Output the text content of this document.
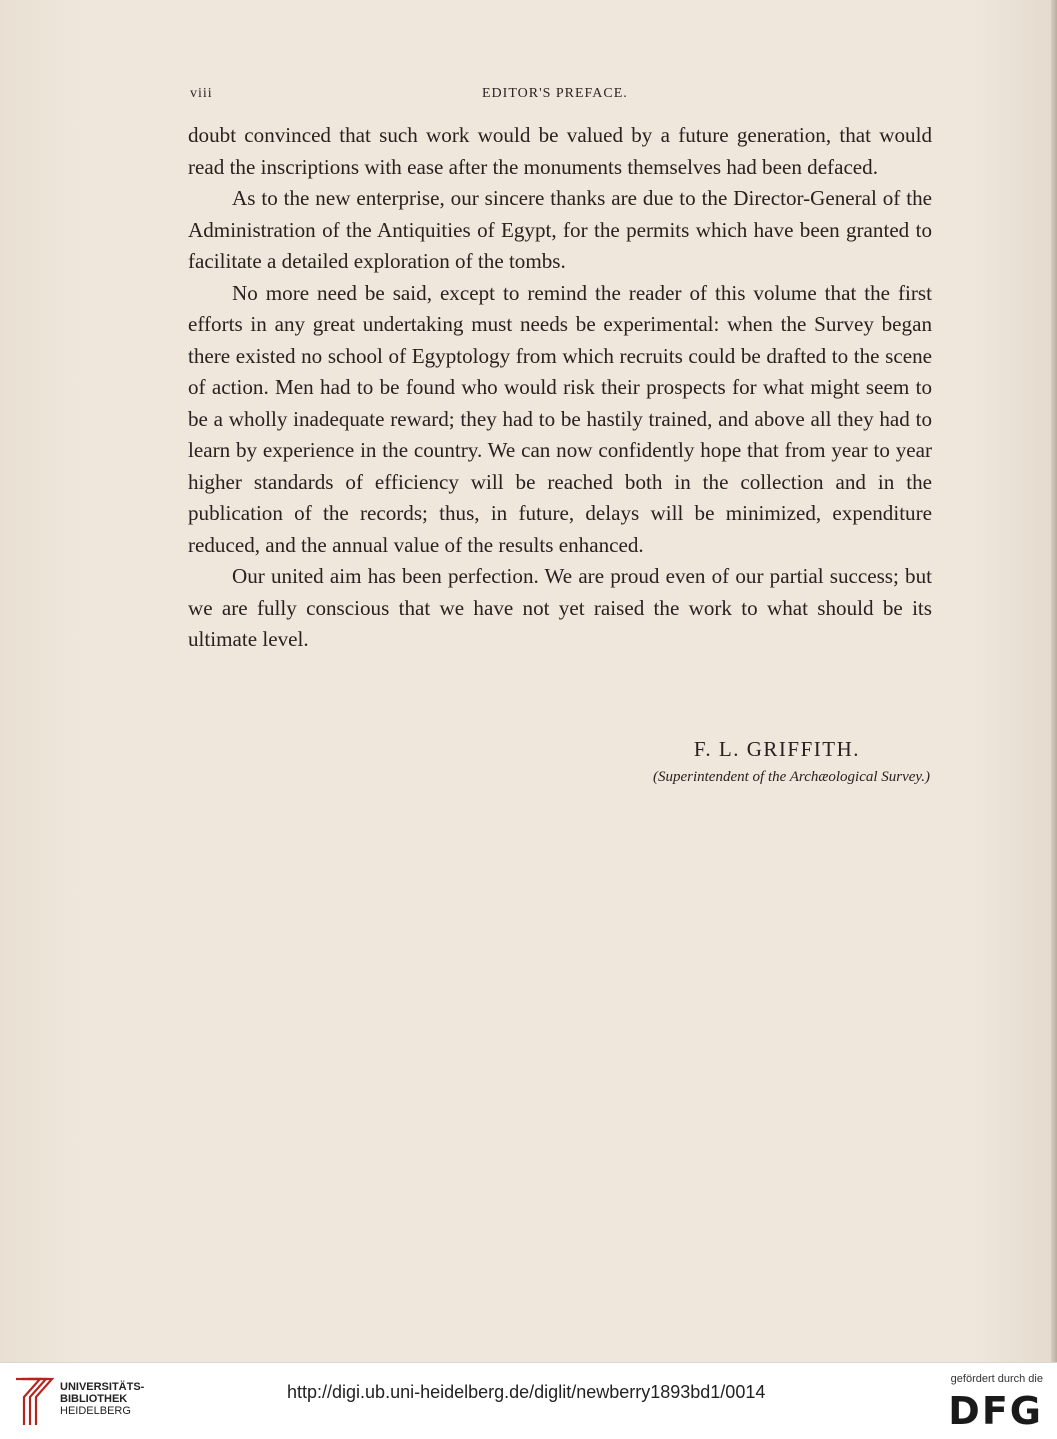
viii	EDITOR'S PREFACE.

doubt convinced that such work would be valued by a future generation, that would read the inscriptions with ease after the monuments themselves had been defaced.

As to the new enterprise, our sincere thanks are due to the Director-General of the Administration of the Antiquities of Egypt, for the permits which have been granted to facilitate a detailed exploration of the tombs.

No more need be said, except to remind the reader of this volume that the first efforts in any great undertaking must needs be experimental: when the Survey began there existed no school of Egyptology from which recruits could be drafted to the scene of action. Men had to be found who would risk their prospects for what might seem to be a wholly inadequate reward; they had to be hastily trained, and above all they had to learn by experience in the country. We can now confidently hope that from year to year higher standards of efficiency will be reached both in the collection and in the publication of the records; thus, in future, delays will be minimized, expenditure reduced, and the annual value of the results enhanced.

Our united aim has been perfection. We are proud even of our partial success; but we are fully conscious that we have not yet raised the work to what should be its ultimate level.

F. L. GRIFFITH.
(Superintendent of the Archæological Survey.)
UNIVERSITÄTS-
BIBLIOTHEK
HEIDELBERG
http://digi.ub.uni-heidelberg.de/diglit/newberry1893bd1/0014
gefördert durch die
DFG
